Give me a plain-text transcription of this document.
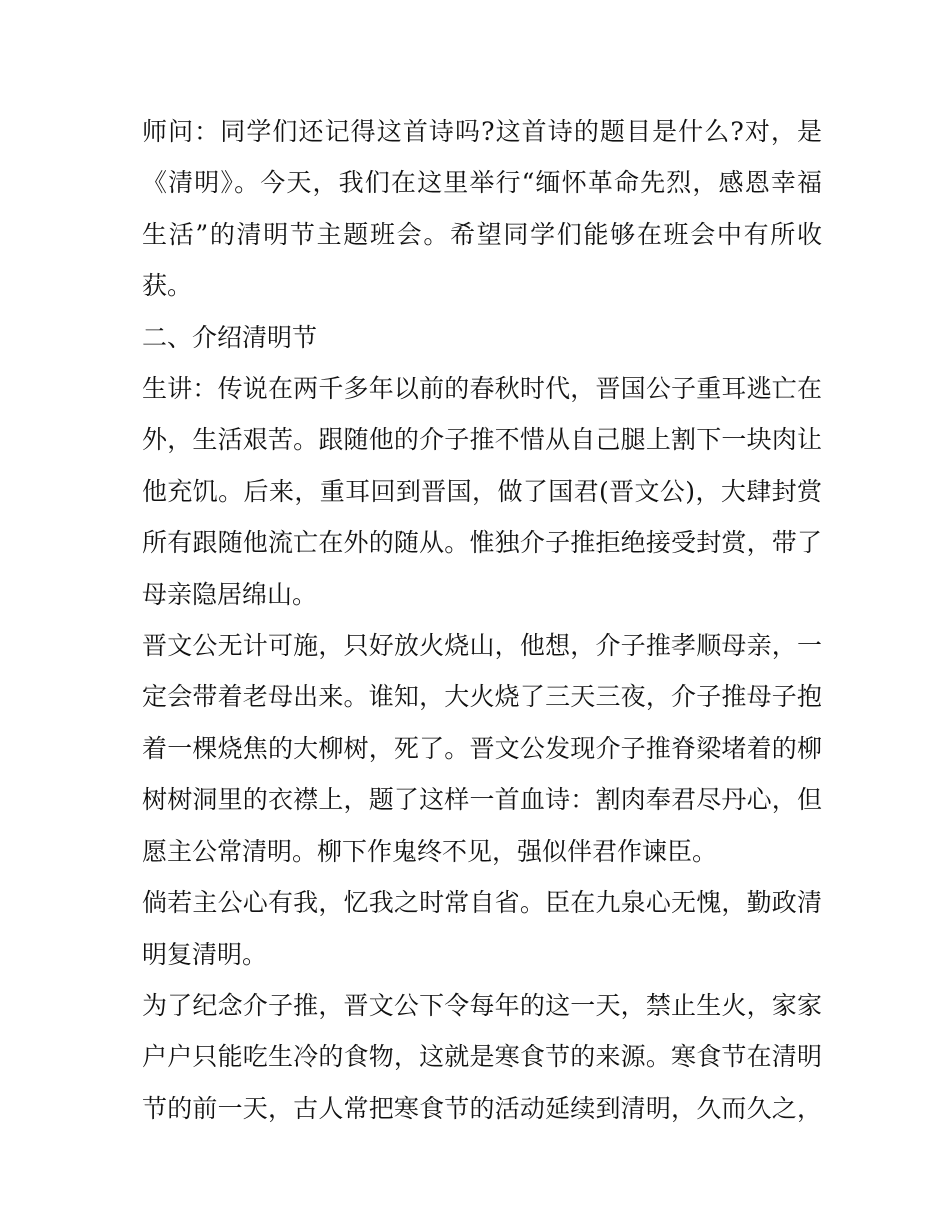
师问：同学们还记得这首诗吗?这首诗的题目是什么?对，是
《清明》。今天，我们在这里举行“缅怀革命先烈，感恩幸福
生活”的清明节主题班会。希望同学们能够在班会中有所收
获。

二、介绍清明节

生讲：传说在两千多年以前的春秋时代，晋国公子重耳逃亡在
外，生活艰苦。跟随他的介子推不惜从自己腿上割下一块肉让
他充饥。后来，重耳回到晋国，做了国君(晋文公)，大肆封赏
所有跟随他流亡在外的随从。惟独介子推拒绝接受封赏，带了
母亲隐居绵山。

晋文公无计可施，只好放火烧山，他想，介子推孝顺母亲，一
定会带着老母出来。谁知，大火烧了三天三夜，介子推母子抱
着一棵烧焦的大柳树，死了。晋文公发现介子推脊梁堵着的柳
树树洞里的衣襟上，题了这样一首血诗：割肉奉君尽丹心，但
愿主公常清明。柳下作鬼终不见，强似伴君作谏臣。

倘若主公心有我，忆我之时常自省。臣在九泉心无愧，勤政清
明复清明。

为了纪念介子推，晋文公下令每年的这一天，禁止生火，家家
户户只能吃生冷的食物，这就是寒食节的来源。寒食节在清明
节的前一天，古人常把寒食节的活动延续到清明，久而久之，
